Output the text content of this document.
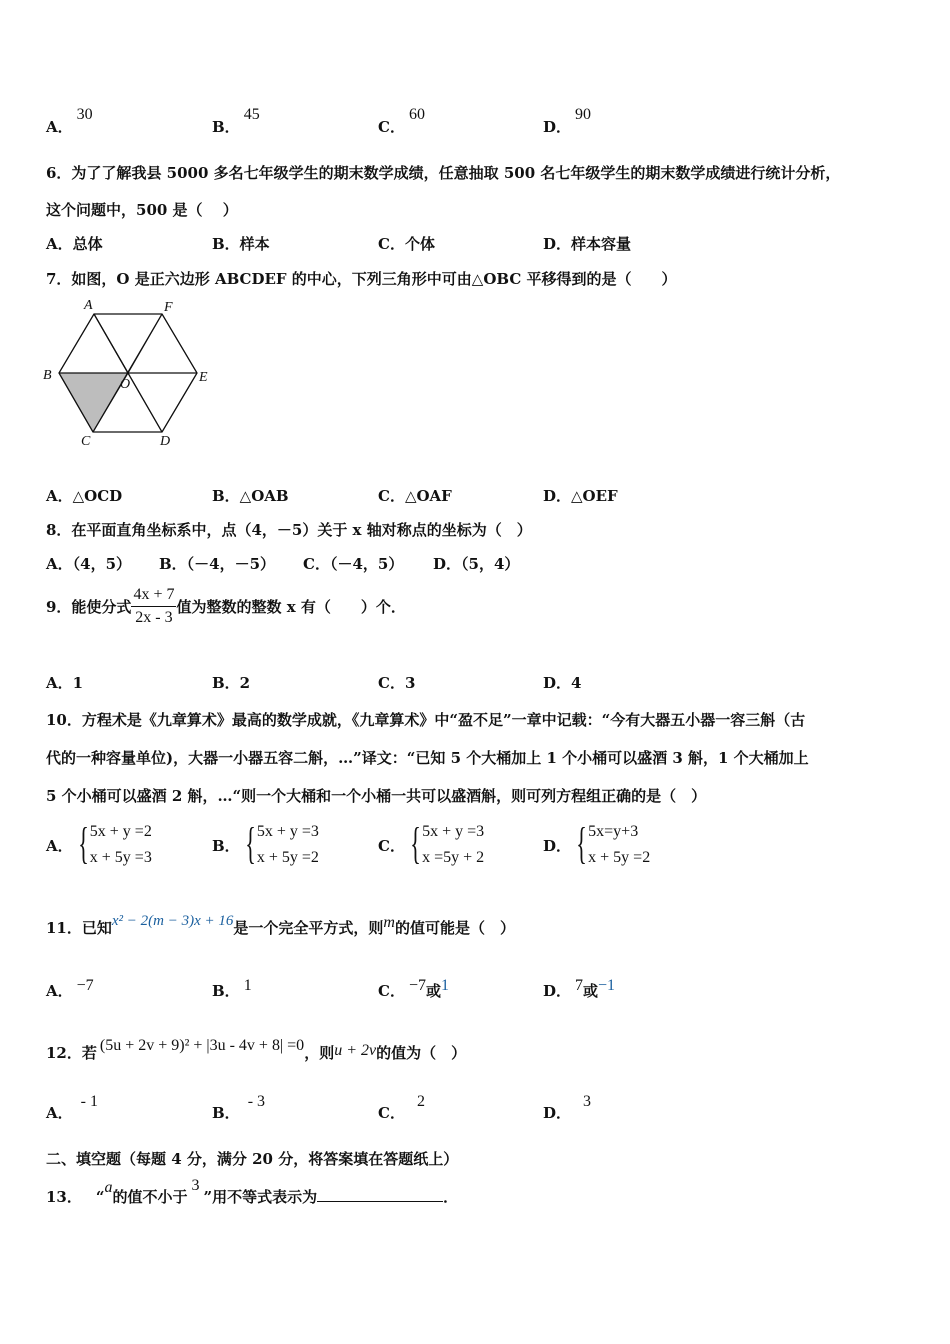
A．30
B．45
C．60
D．90
6．为了了解我县 5000 多名七年级学生的期末数学成绩，任意抽取 500 名七年级学生的期末数学成绩进行统计分析，
这个问题中，500 是（　 ）
A．总体	B．样本	C．个体	D．样本容量
7．如图，O 是正六边形 ABCDEF 的中心，下列三角形中可由△OBC 平移得到的是（　　）
A	F
B
O	E
C	D
A．△OCD	B．△OAB	C．△OAF	D．△OEF
8．在平面直角坐标系中，点（4，－5）关于 x 轴对称点的坐标为（　）
A．（4，5） B．（－4，－5） C．（－4，5） D．（5，4）
9．能使分式 $\frac{4x + 7}{2x - 3}$ 值为整数的整数 x 有（　　）个．
A．1	B．2	C．3	D．4
10．方程术是《九章算术》最高的数学成就，《九章算术》中“盈不足”一章中记载：“今有大器五小器一容三斛（古
代的一种容量单位)，大器一小器五容二斛，…”译文：“已知 5 个大桶加上 1 个小桶可以盛酒 3 斛，1 个大桶加上
5 个小桶可以盛酒 2 斛，…“则一个大桶和一个小桶一共可以盛酒斛，则可列方程组正确的是（　）
A． { 5x + y =2
x + 5y =3
B． { 5x + y =3
x + 5y =2
C． { 5x + y =3
x =5y + 2
D． { 5x=y+3
x + 5y =2
11．已知x² − 2(m − 3)x + 16是一个完全平方式，则m的值可能是（　）
A． −7	B． 1	C． −7或1	D． 7或−1
12．若 (5u + 2v + 9)² + |3u - 4v + 8| =0，则u + 2v的值为（　）
A．- 1
B．- 3
C．2
D．3
二、填空题（每题 4 分，满分 20 分，将答案填在答题纸上）
13． “a的值不小于3”用不等式表示为	．
